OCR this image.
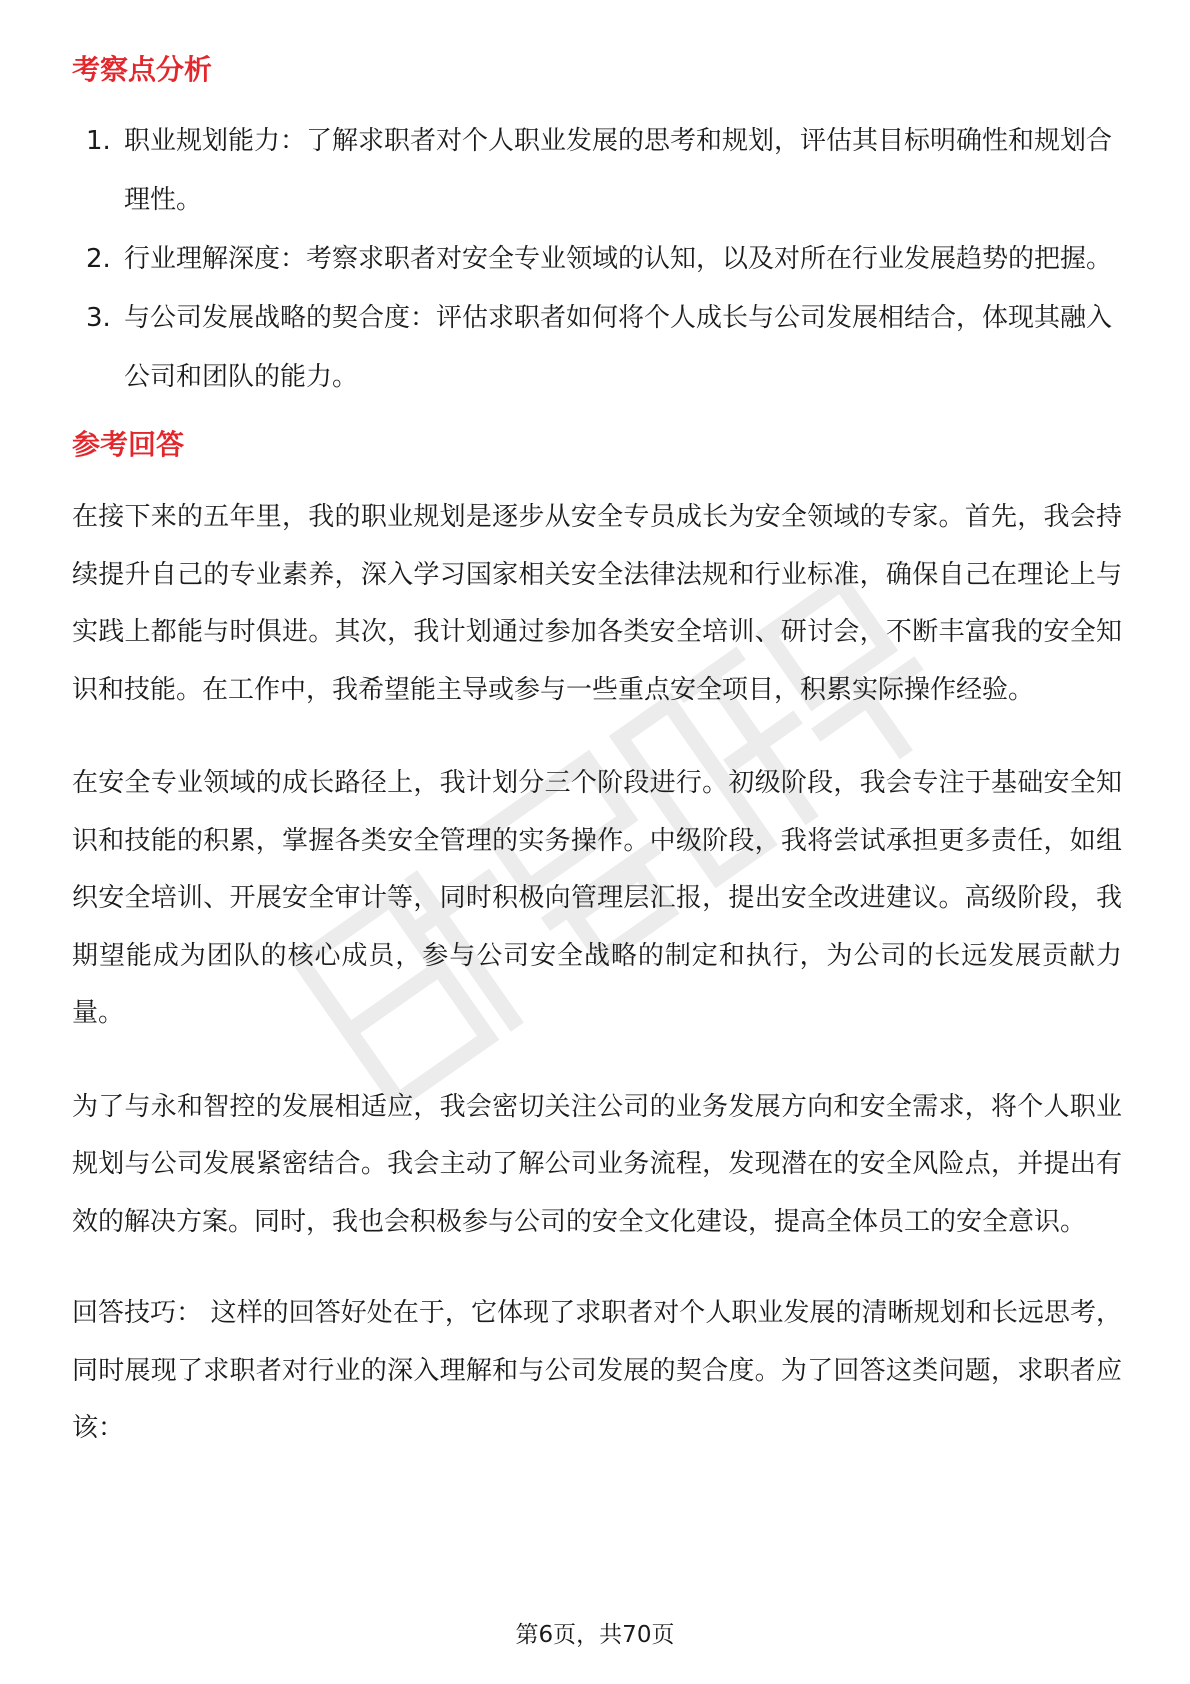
考察点分析
1. 职业规划能力：了解求职者对个人职业发展的思考和规划，评估其目标明确性和规划合理性。
2. 行业理解深度：考察求职者对安全专业领域的认知，以及对所在行业发展趋势的把握。
3. 与公司发展战略的契合度：评估求职者如何将个人成长与公司发展相结合，体现其融入公司和团队的能力。
参考回答

在接下来的五年里，我的职业规划是逐步从安全专员成长为安全领域的专家。首先，我会持续提升自己的专业素养，深入学习国家相关安全法律法规和行业标准，确保自己在理论上与实践上都能与时俱进。其次，我计划通过参加各类安全培训、研讨会，不断丰富我的安全知识和技能。在工作中，我希望能主导或参与一些重点安全项目，积累实际操作经验。

在安全专业领域的成长路径上，我计划分三个阶段进行。初级阶段，我会专注于基础安全知识和技能的积累，掌握各类安全管理的实务操作。中级阶段，我将尝试承担更多责任，如组织安全培训、开展安全审计等，同时积极向管理层汇报，提出安全改进建议。高级阶段，我期望能成为团队的核心成员，参与公司安全战略的制定和执行，为公司的长远发展贡献力量。

为了与永和智控的发展相适应，我会密切关注公司的业务发展方向和安全需求，将个人职业规划与公司发展紧密结合。我会主动了解公司业务流程，发现潜在的安全风险点，并提出有效的解决方案。同时，我也会积极参与公司的安全文化建设，提高全体员工的安全意识。

回答技巧： 这样的回答好处在于，它体现了求职者对个人职业发展的清晰规划和长远思考，同时展现了求职者对行业的深入理解和与公司发展的契合度。为了回答这类问题，求职者应该：

第6页，共70页
